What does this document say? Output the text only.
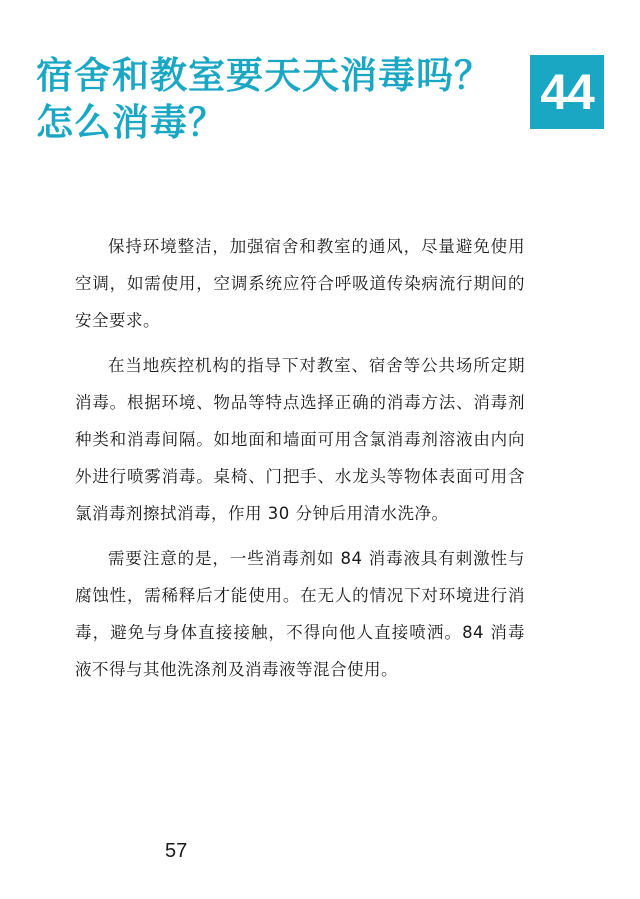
宿舍和教室要天天消毒吗？
怎么消毒？
44

保持环境整洁，加强宿舍和教室的通风，尽量避免使用空调，如需使用，空调系统应符合呼吸道传染病流行期间的安全要求。

在当地疾控机构的指导下对教室、宿舍等公共场所定期消毒。根据环境、物品等特点选择正确的消毒方法、消毒剂种类和消毒间隔。如地面和墙面可用含氯消毒剂溶液由内向外进行喷雾消毒。桌椅、门把手、水龙头等物体表面可用含氯消毒剂擦拭消毒，作用 30 分钟后用清水洗净。

需要注意的是，一些消毒剂如 84 消毒液具有刺激性与腐蚀性，需稀释后才能使用。在无人的情况下对环境进行消毒，避免与身体直接接触，不得向他人直接喷洒。84 消毒液不得与其他洗涤剂及消毒液等混合使用。

57
